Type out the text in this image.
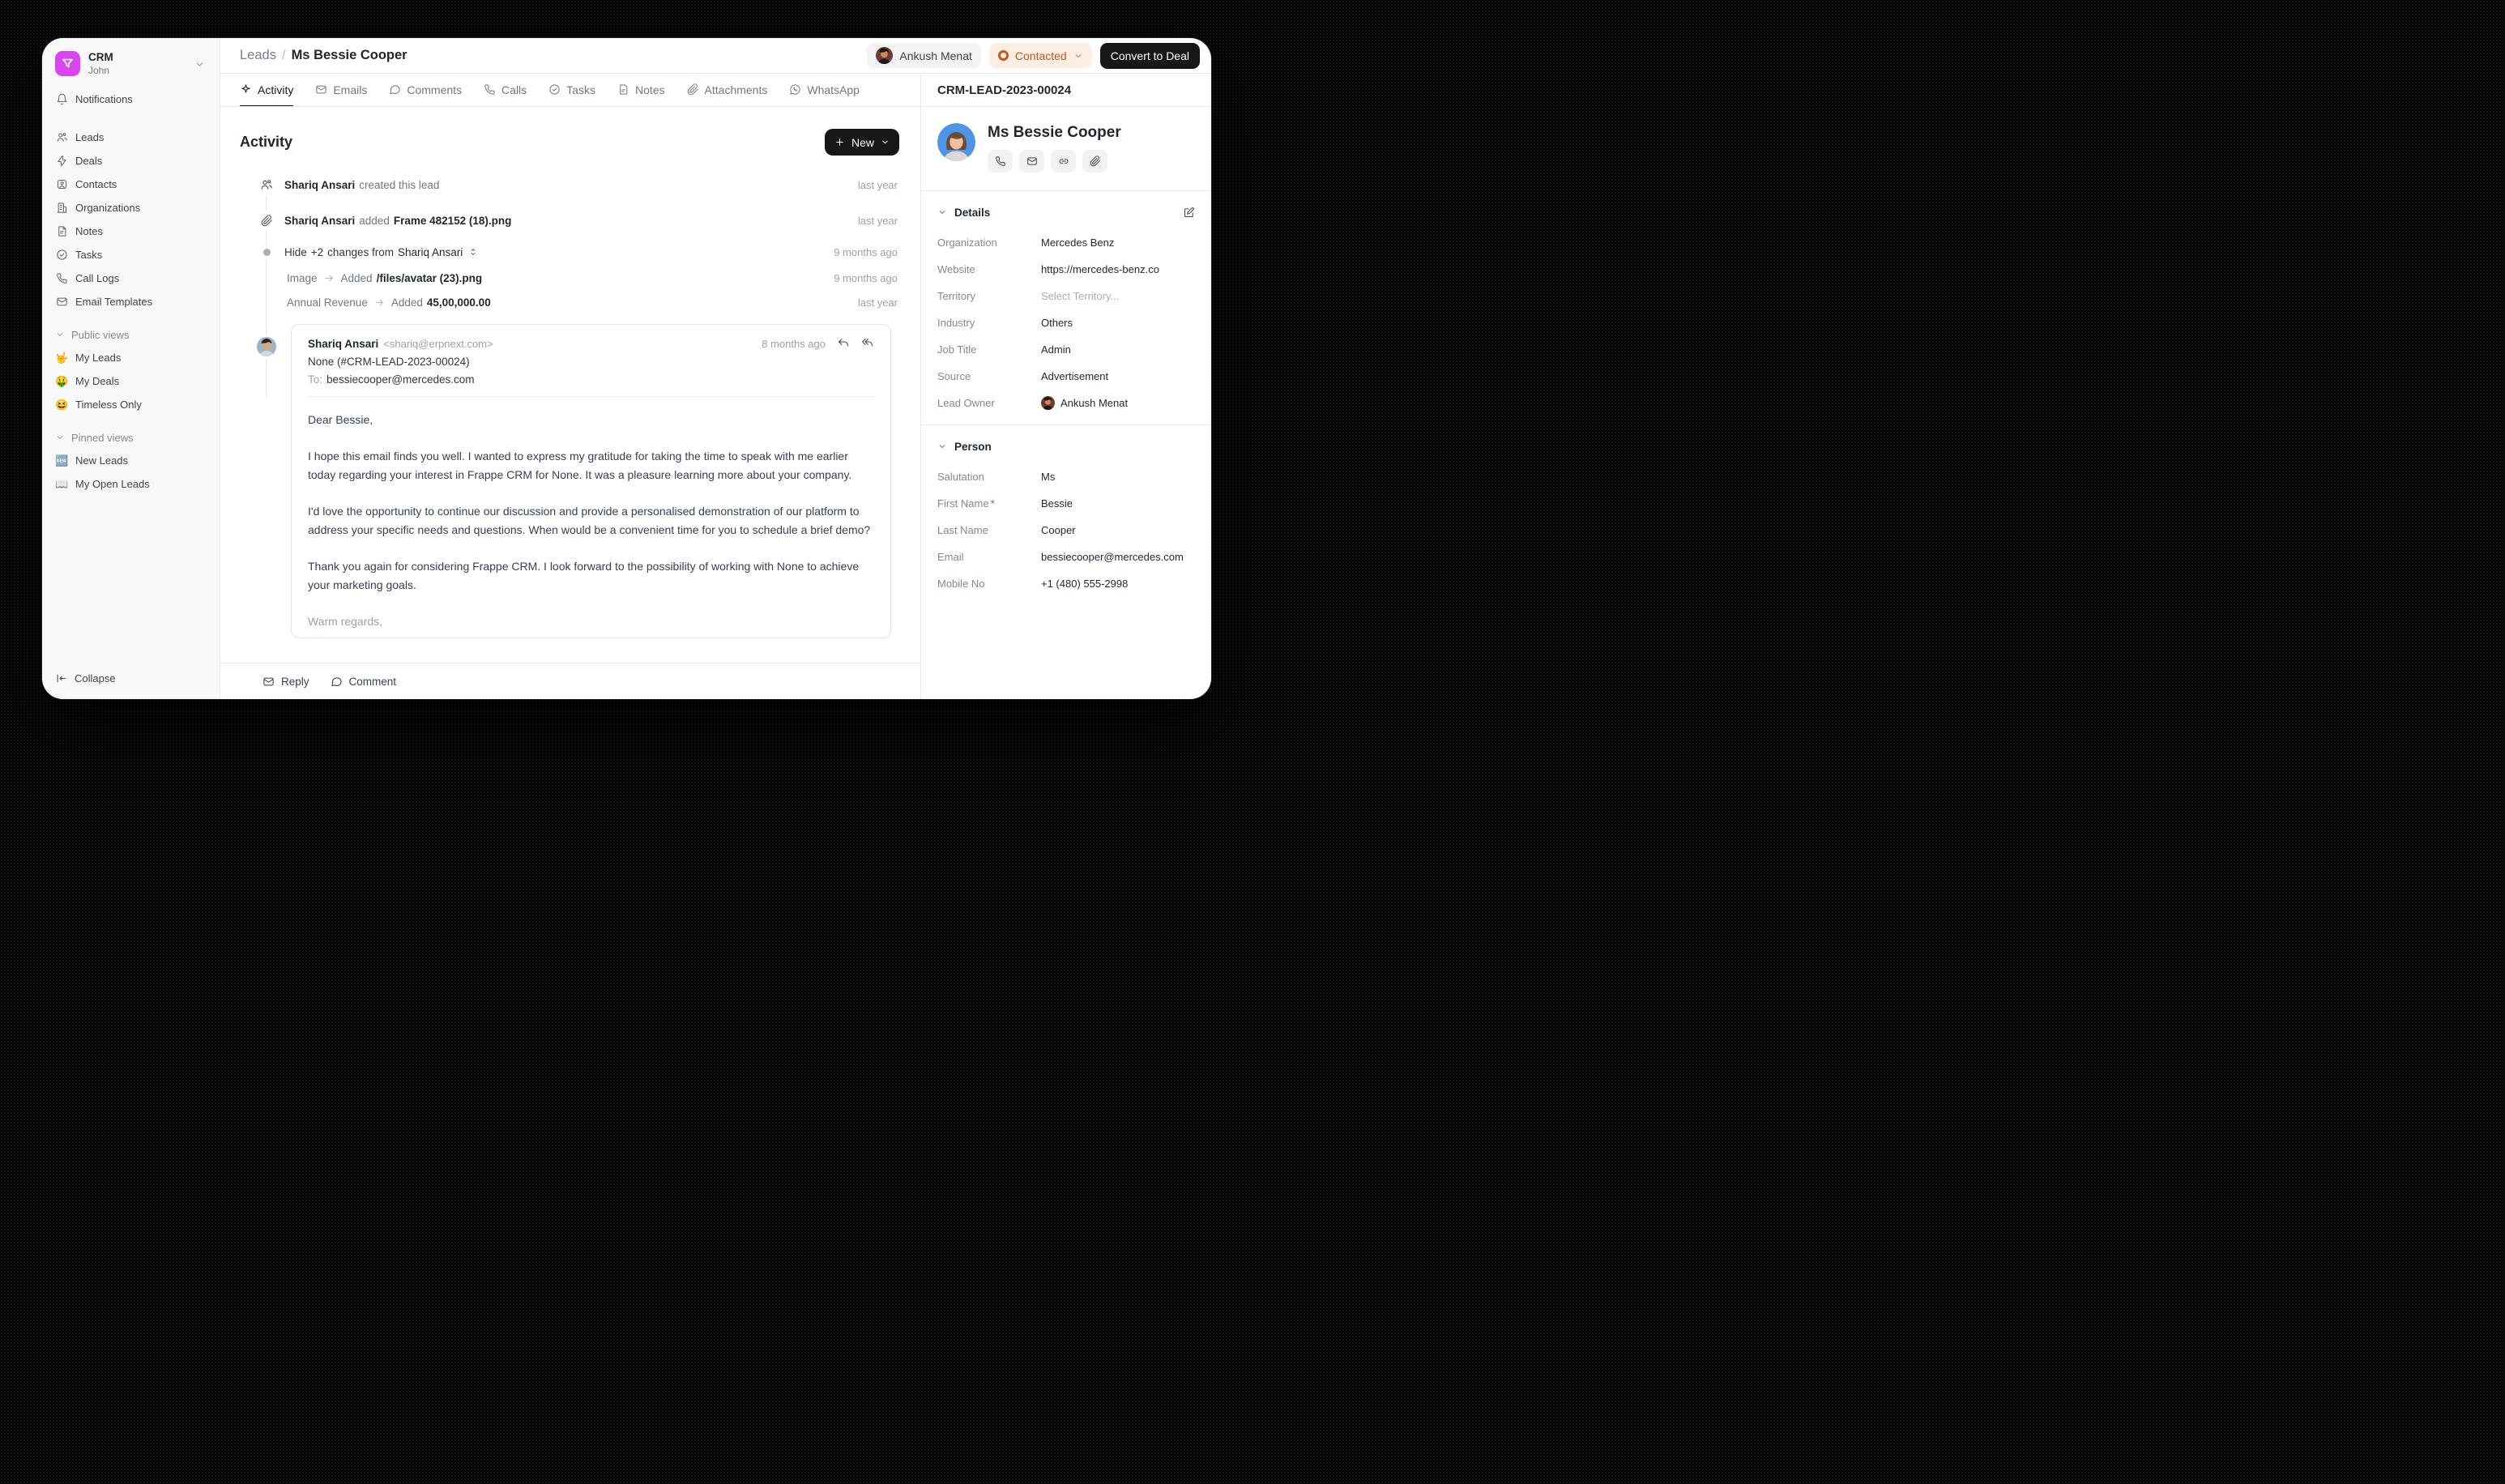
CRM
John
Notifications
Leads
Deals
Contacts
Organizations
Notes
Tasks
Call Logs
Email Templates
Public views
🤟 My Leads
🤑 My Deals
😆 Timeless Only
Pinned views
🆕 New Leads
📖 My Open Leads
Collapse
Leads / Ms Bessie Cooper	Ankush Menat	Contacted	Convert to Deal
Activity	Emails	Comments	Calls	Tasks	Notes	Attachments	WhatsApp
Activity	New
Shariq Ansari created this lead	last year
Shariq Ansari added Frame 482152 (18).png	last year
Hide +2 changes from Shariq Ansari	9 months ago
Image Added /files/avatar (23).png	9 months ago
Annual Revenue Added 45,00,000.00	last year
Shariq Ansari <shariq@erpnext.com>	8 months ago
None (#CRM-LEAD-2023-00024)
To: bessiecooper@mercedes.com

Dear Bessie,

I hope this email finds you well. I wanted to express my gratitude for taking the time to speak with me earlier today regarding your interest in Frappe CRM for None. It was a pleasure learning more about your company.

I'd love the opportunity to continue our discussion and provide a personalised demonstration of our platform to address your specific needs and questions. When would be a convenient time for you to schedule a brief demo?

Thank you again for considering Frappe CRM. I look forward to the possibility of working with None to achieve your marketing goals.

Warm regards,

Reply	Comment
CRM-LEAD-2023-00024
Ms Bessie Cooper
Details
Organization	Mercedes Benz
Website	https://mercedes-benz.co
Territory	Select Territory...
Industry	Others
Job Title	Admin
Source	Advertisement
Lead Owner	Ankush Menat
Person
Salutation	Ms
First Name *	Bessie
Last Name	Cooper
Email	bessiecooper@mercedes.com
Mobile No	+1 (480) 555-2998
